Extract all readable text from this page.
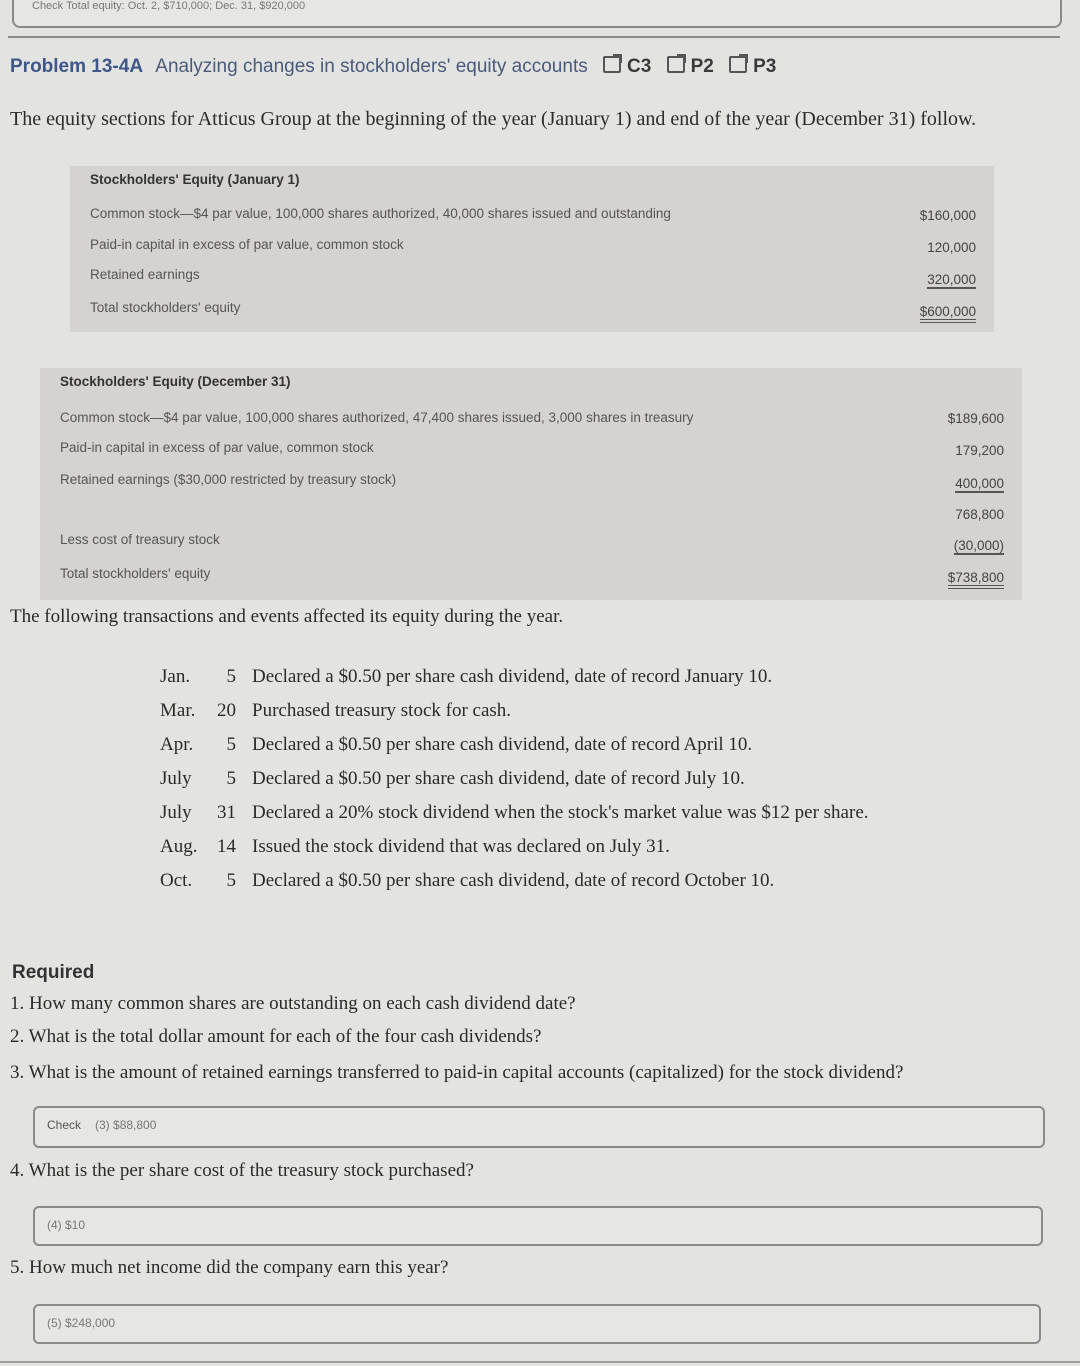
Check Total equity: Oct. 2, $710,000; Dec. 31, $920,000
Problem 13-4A Analyzing changes in stockholders' equity accounts C3 P2 P3
The equity sections for Atticus Group at the beginning of the year (January 1) and end of the year (December 31) follow.
Stockholders' Equity (January 1)
Common stock—$4 par value, 100,000 shares authorized, 40,000 shares issued and outstanding	$160,000
Paid-in capital in excess of par value, common stock	120,000
Retained earnings	320,000
Total stockholders' equity	$600,000
Stockholders' Equity (December 31)
Common stock—$4 par value, 100,000 shares authorized, 47,400 shares issued, 3,000 shares in treasury	$189,600
Paid-in capital in excess of par value, common stock	179,200
Retained earnings ($30,000 restricted by treasury stock)	400,000
768,800
Less cost of treasury stock	(30,000)
Total stockholders' equity	$738,800
The following transactions and events affected its equity during the year.
Jan.	5	Declared a $0.50 per share cash dividend, date of record January 10.
Mar.	20	Purchased treasury stock for cash.
Apr.	5	Declared a $0.50 per share cash dividend, date of record April 10.
July	5	Declared a $0.50 per share cash dividend, date of record July 10.
July	31	Declared a 20% stock dividend when the stock's market value was $12 per share.
Aug.	14	Issued the stock dividend that was declared on July 31.
Oct.	5	Declared a $0.50 per share cash dividend, date of record October 10.
Required
1. How many common shares are outstanding on each cash dividend date?
2. What is the total dollar amount for each of the four cash dividends?
3. What is the amount of retained earnings transferred to paid-in capital accounts (capitalized) for the stock dividend?
Check (3) $88,800
4. What is the per share cost of the treasury stock purchased?
(4) $10
5. How much net income did the company earn this year?
(5) $248,000
